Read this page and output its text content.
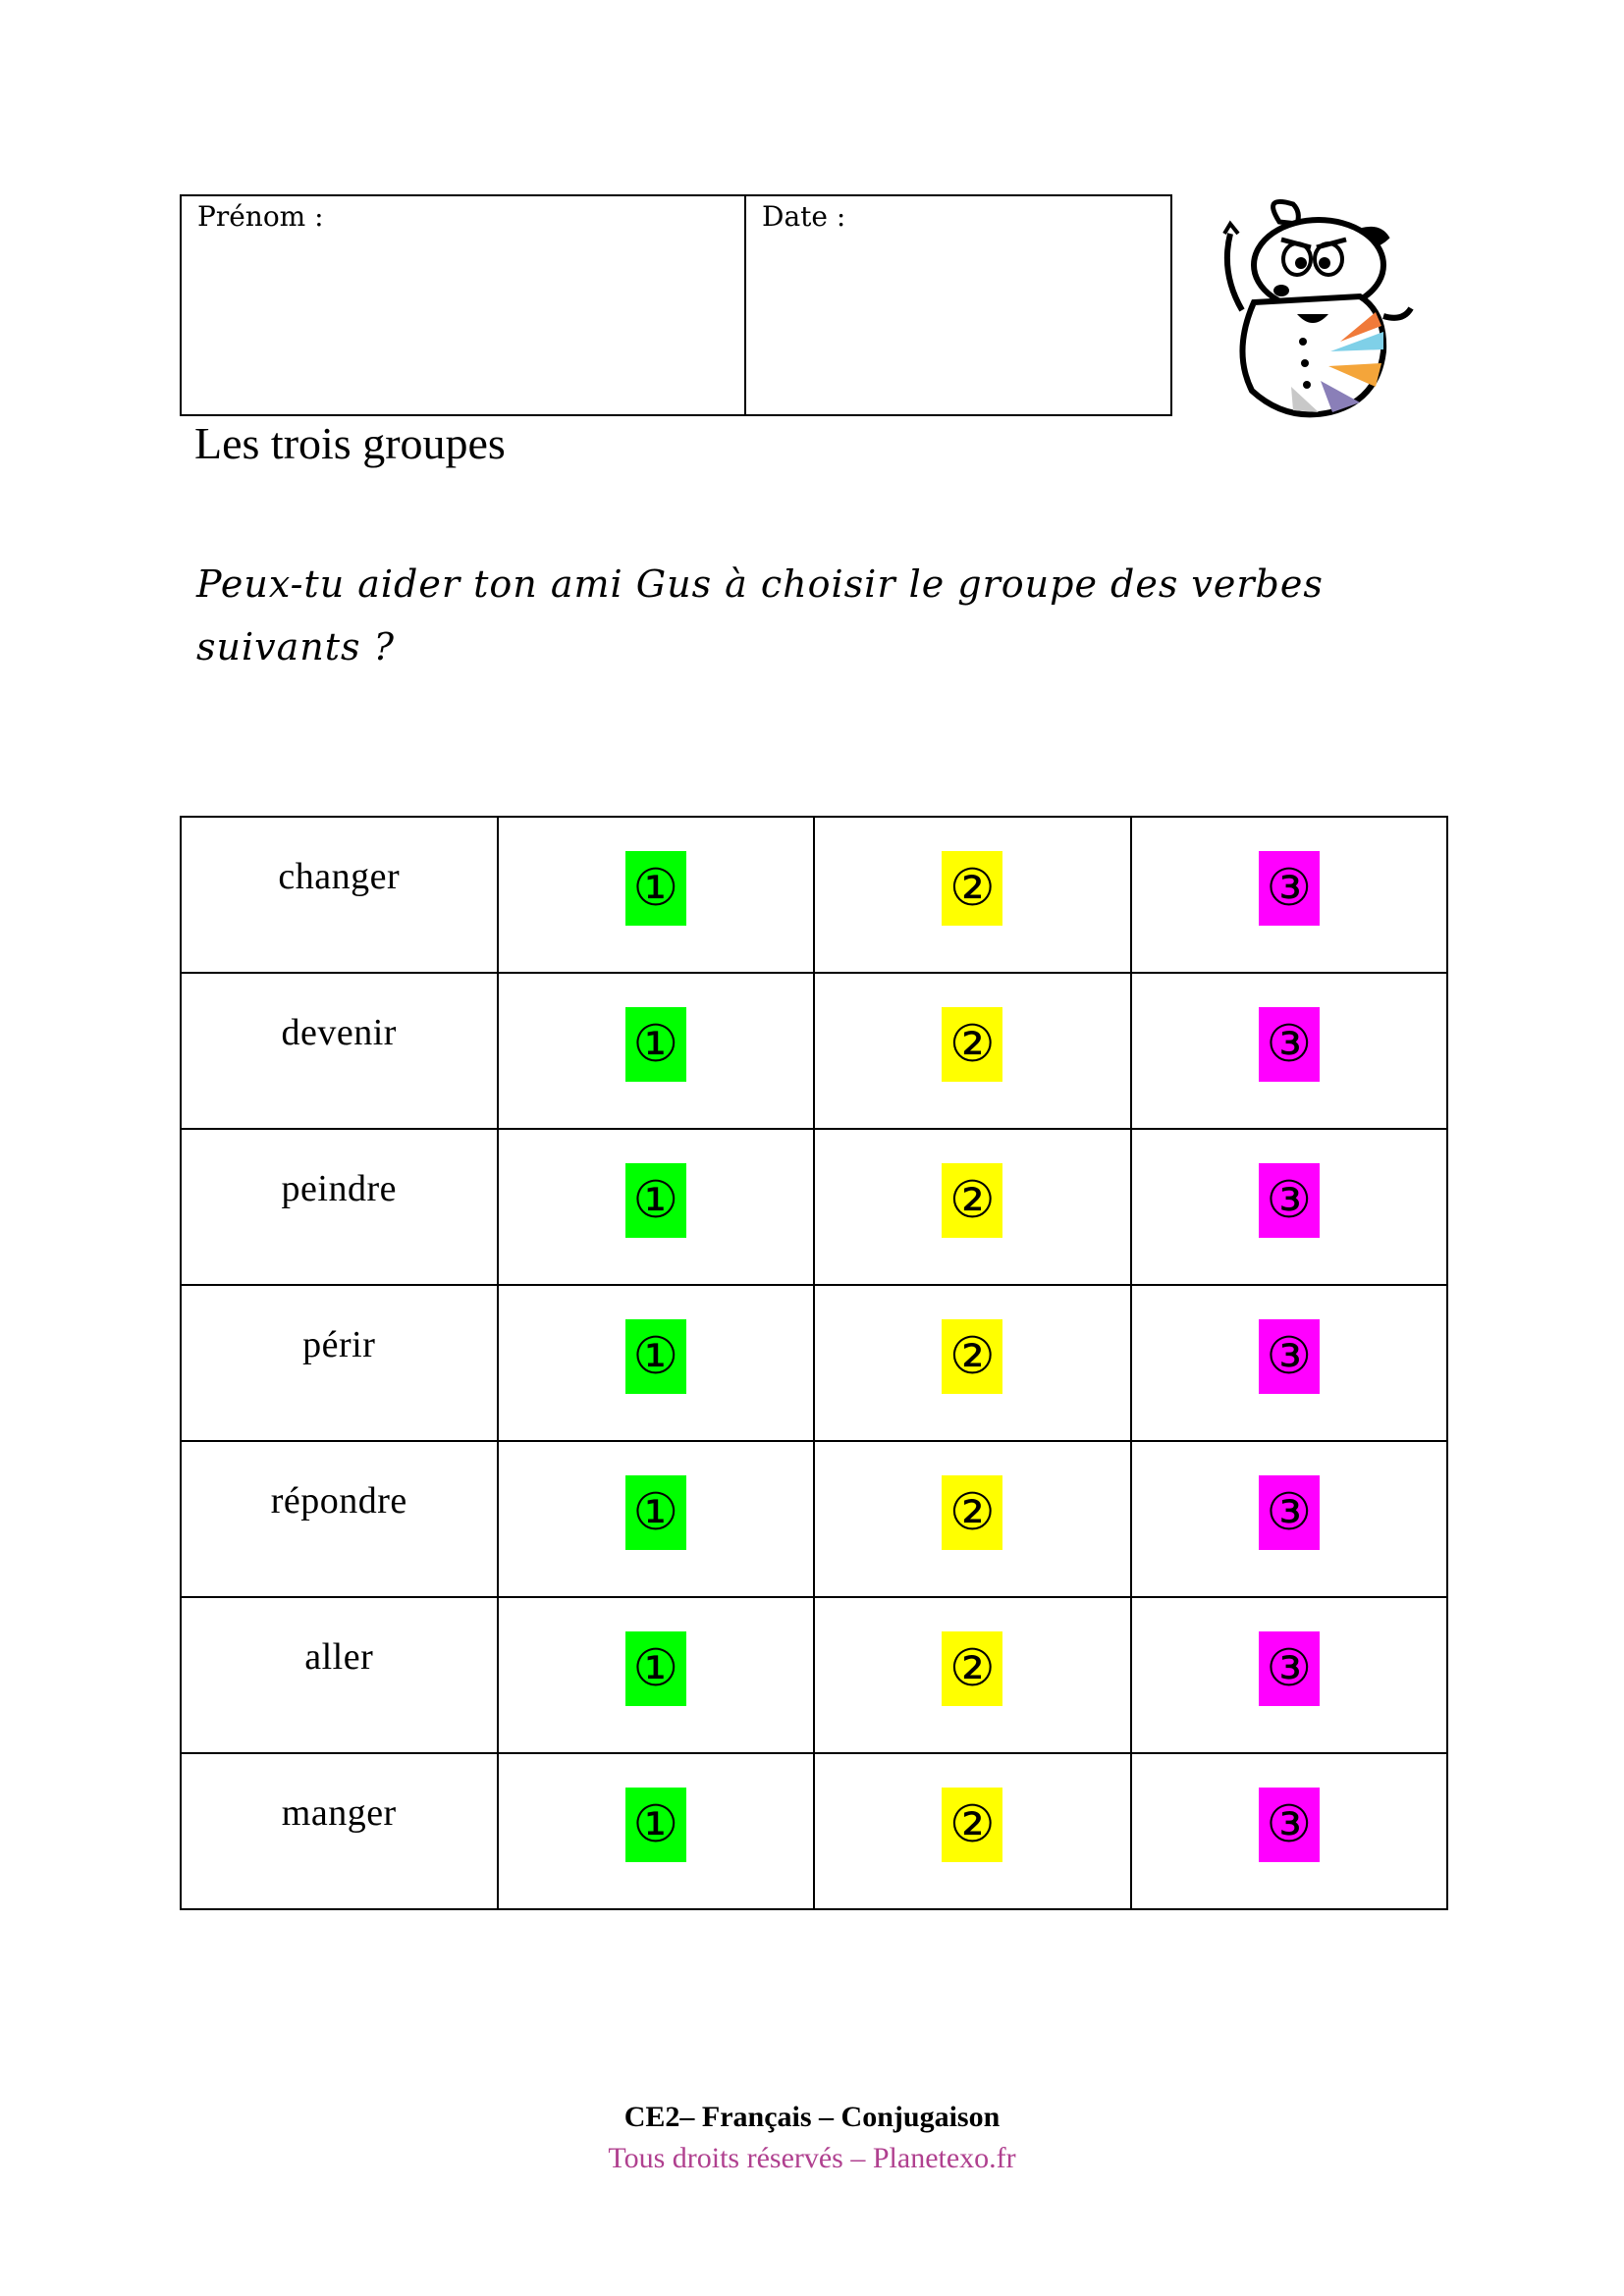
Prénom :	Date :
Les trois groupes
Peux-tu aider ton ami Gus à choisir le groupe des verbes suivants ?
changer	①	②	③
devenir	①	②	③
peindre	①	②	③
périr	①	②	③
répondre	①	②	③
aller	①	②	③
manger	①	②	③
CE2– Français – Conjugaison
Tous droits réservés – Planetexo.fr
